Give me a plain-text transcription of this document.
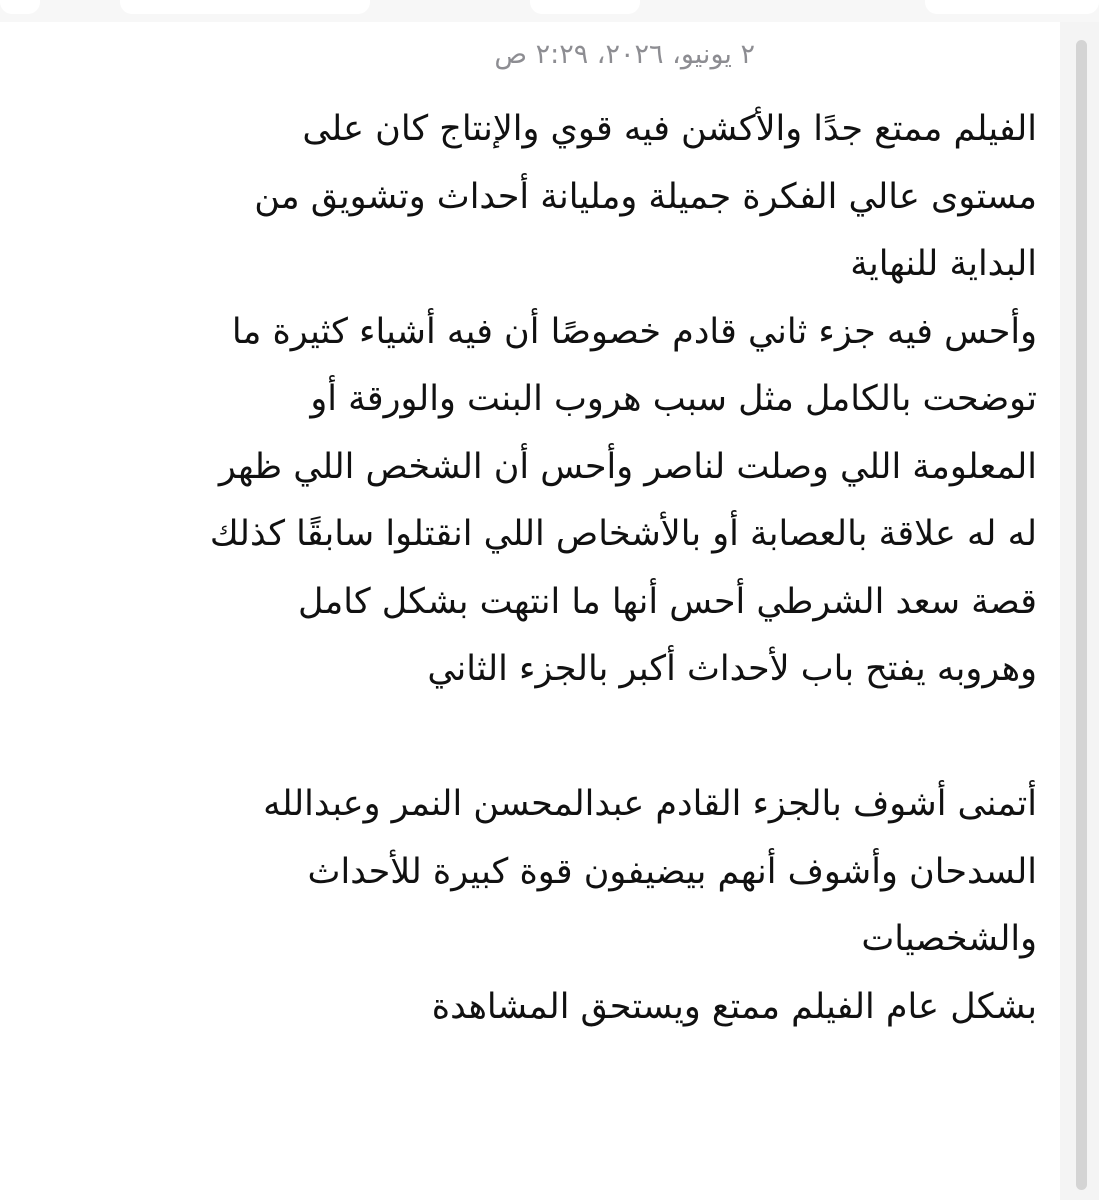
٢ يونيو، ٢٠٢٦، ٢:٢٩ ص
الفيلم ممتع جدًا والأكشن فيه قوي والإنتاج كان على
مستوى عالي الفكرة جميلة ومليانة أحداث وتشويق من
البداية للنهاية
وأحس فيه جزء ثاني قادم خصوصًا أن فيه أشياء كثيرة ما
توضحت بالكامل مثل سبب هروب البنت والورقة أو
المعلومة اللي وصلت لناصر وأحس أن الشخص اللي ظهر
له له علاقة بالعصابة أو بالأشخاص اللي انقتلوا سابقًا كذلك
قصة سعد الشرطي أحس أنها ما انتهت بشكل كامل
وهروبه يفتح باب لأحداث أكبر بالجزء الثاني
أتمنى أشوف بالجزء القادم عبدالمحسن النمر وعبدالله
السدحان وأشوف أنهم بيضيفون قوة كبيرة للأحداث
والشخصيات
بشكل عام الفيلم ممتع ويستحق المشاهدة
